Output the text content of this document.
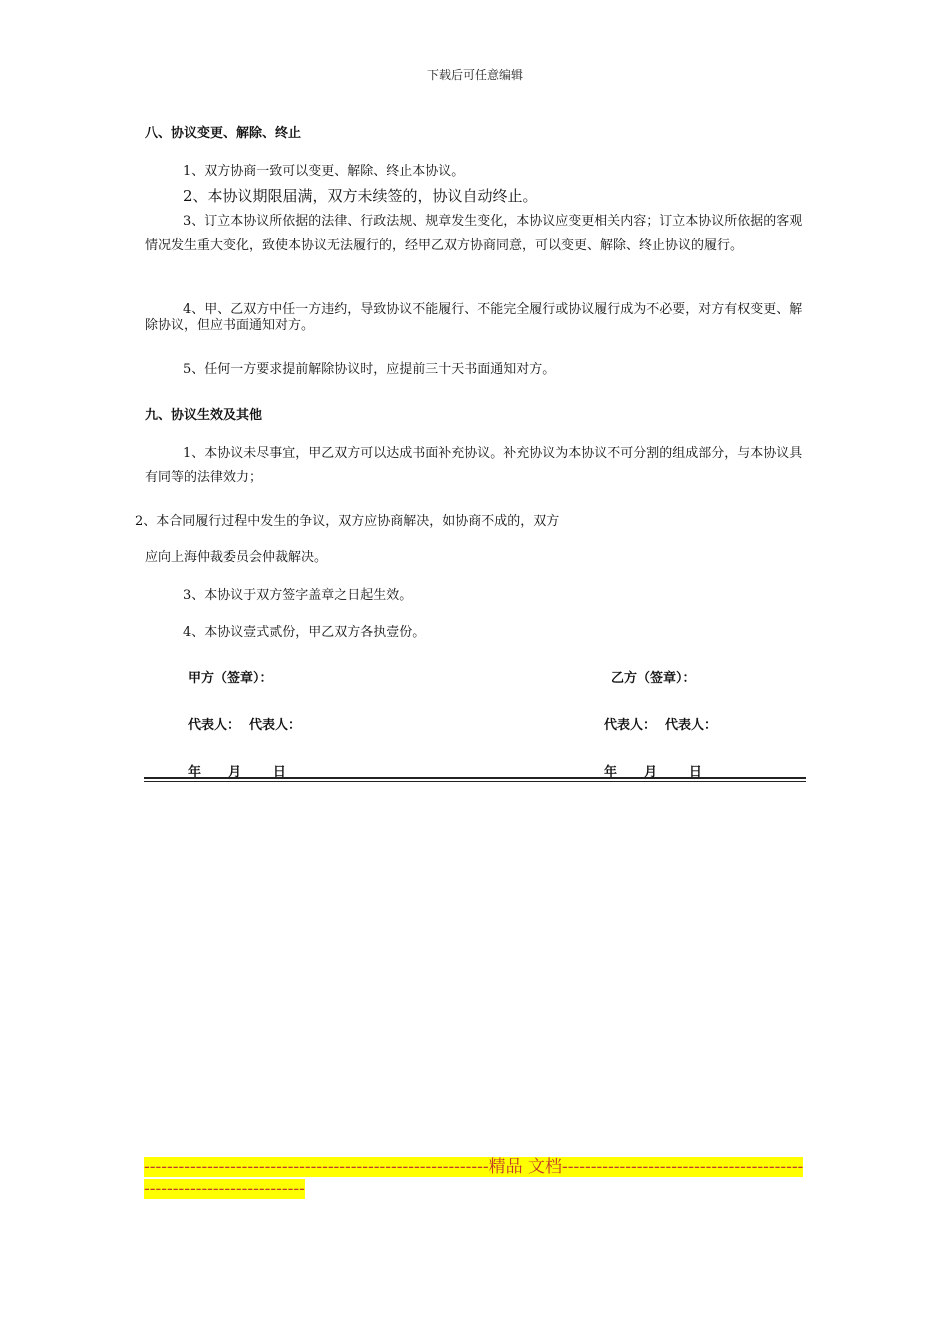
下载后可任意编辑
八、协议变更、解除、终止
1、双方协商一致可以变更、解除、终止本协议。
2、本协议期限届满，双方未续签的，协议自动终止。
3、订立本协议所依据的法律、行政法规、规章发生变化，本协议应变更相关内容；订立本协议所依据的客观情况发生重大变化，致使本协议无法履行的，经甲乙双方协商同意，可以变更、解除、终止协议的履行。
4、甲、乙双方中任一方违约，导致协议不能履行、不能完全履行或协议履行成为不必要，对方有权变更、解除协议，但应书面通知对方。
5、任何一方要求提前解除协议时，应提前三十天书面通知对方。
九、协议生效及其他
1、本协议未尽事宜，甲乙双方可以达成书面补充协议。补充协议为本协议不可分割的组成部分，与本协议具有同等的法律效力；
2、本合同履行过程中发生的争议，双方应协商解决，如协商不成的，双方
应向上海仲裁委员会仲裁解决。
3、本协议于双方签字盖章之日起生效。
4、本协议壹式贰份，甲乙双方各执壹份。
甲方（签章）：	乙方（签章）：
代表人：  代表人：	代表人：  代表人：
年      月       日	年      月       日
------------------------------------------------------------精品 文档----------------------------------------------------------------------
